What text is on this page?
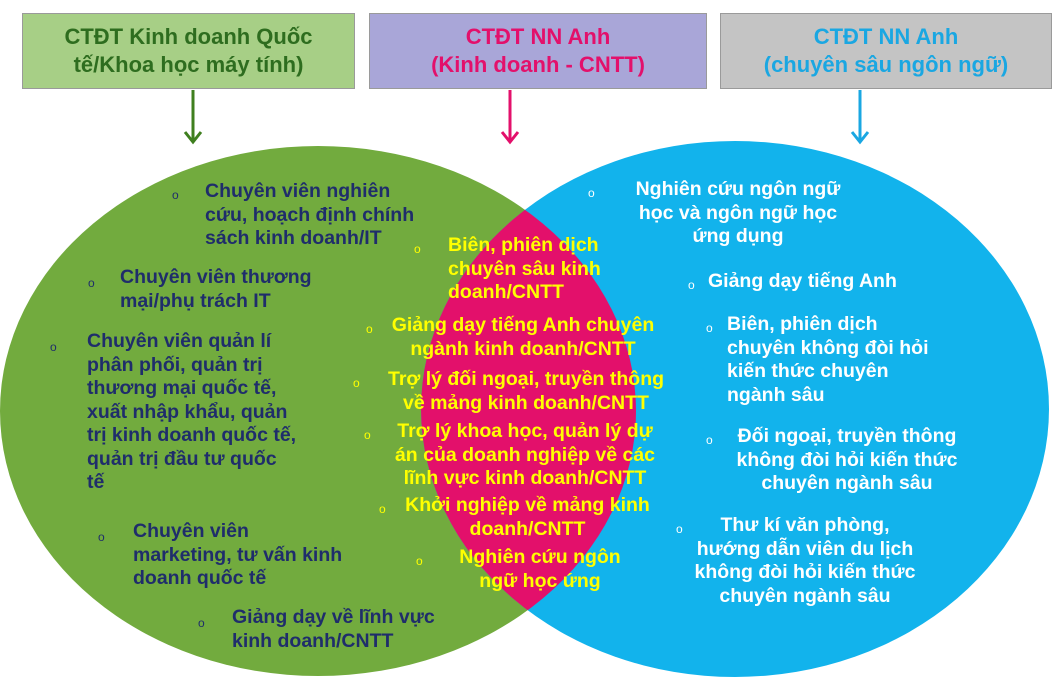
CTĐT Kinh doanh Quốc
tế/Khoa học máy tính)
CTĐT NN Anh
(Kinh doanh - CNTT)
CTĐT NN Anh
(chuyên sâu ngôn ngữ)
o Chuyên viên nghiên
cứu, hoạch định chính
sách kinh doanh/IT
o Chuyên viên thương
mại/phụ trách IT
o Chuyên viên quản lí
phân phối, quản trị
thương mại quốc tế,
xuất nhập khẩu, quản
trị kinh doanh quốc tế,
quản trị đầu tư quốc
tế
o Chuyên viên
marketing, tư vấn kinh
doanh quốc tế
o Giảng dạy về lĩnh vực
kinh doanh/CNTT
o Biên, phiên dịch
chuyên sâu kinh
doanh/CNTT
o Giảng dạy tiếng Anh chuyên
ngành kinh doanh/CNTT
o	Trợ lý đối ngoại, truyền thông
về mảng kinh doanh/CNTT
o	Trợ lý khoa học, quản lý dự
án của doanh nghiệp về các
lĩnh vực kinh doanh/CNTT
o Khởi nghiệp về mảng kinh
doanh/CNTT
o	Nghiên cứu ngôn
ngữ học ứng
o	Nghiên cứu ngôn ngữ
học và ngôn ngữ học
ứng dụng
o Giảng dạy tiếng Anh
o Biên, phiên dịch
chuyên không đòi hỏi
kiến thức chuyên
ngành sâu
o	Đối ngoại, truyền thông
không đòi hỏi kiến thức
chuyên ngành sâu
o	Thư kí văn phòng,
hướng dẫn viên du lịch
không đòi hỏi kiến thức
chuyên ngành sâu
